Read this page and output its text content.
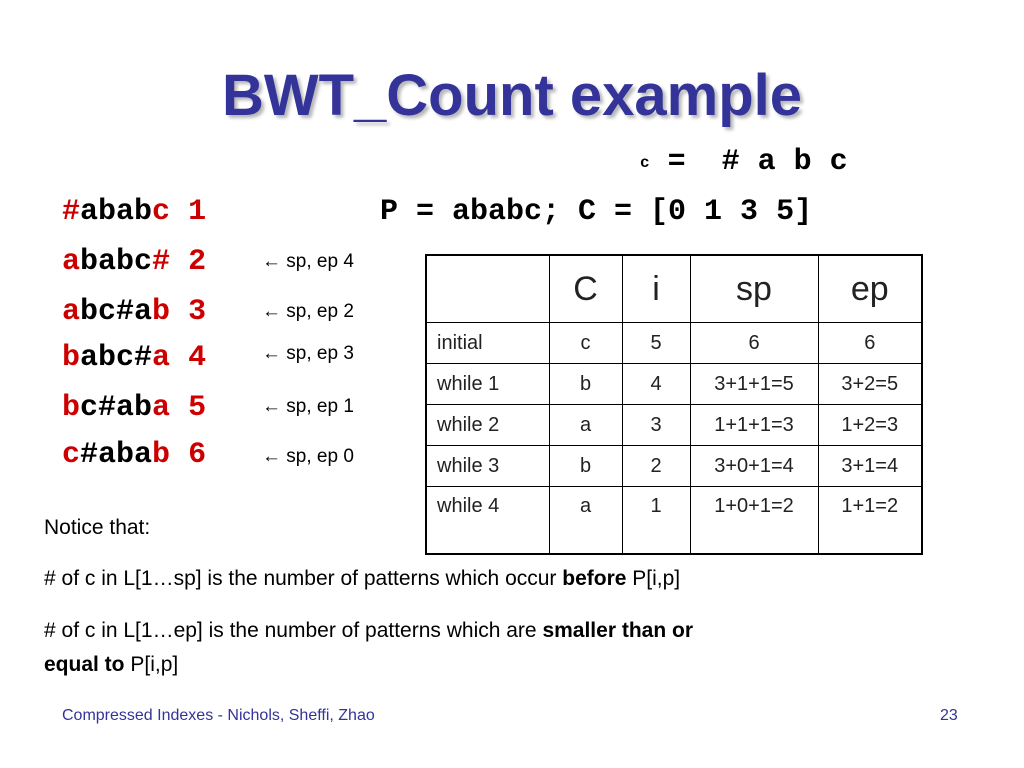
BWT_Count example
c =  # a b c
P = ababc; C = [0 1 3 5]
#ababc 1
ababc# 2	← sp, ep 4
abc#ab 3	← sp, ep 2
babc#a 4	← sp, ep 3
bc#aba 5	← sp, ep 1
c#abab 6	← sp, ep 0
	C	i	sp	ep
initial	c	5	6	6
while 1	b	4	3+1+1=5	3+2=5
while 2	a	3	1+1+1=3	1+2=3
while 3	b	2	3+0+1=4	3+1=4
while 4	a	1	1+0+1=2	1+1=2
Notice that:
# of c in L[1…sp] is the number of patterns which occur before P[i,p]
# of c in L[1…ep] is the number of patterns which are smaller than or
equal to P[i,p]
Compressed Indexes - Nichols, Sheffi, Zhao	23
